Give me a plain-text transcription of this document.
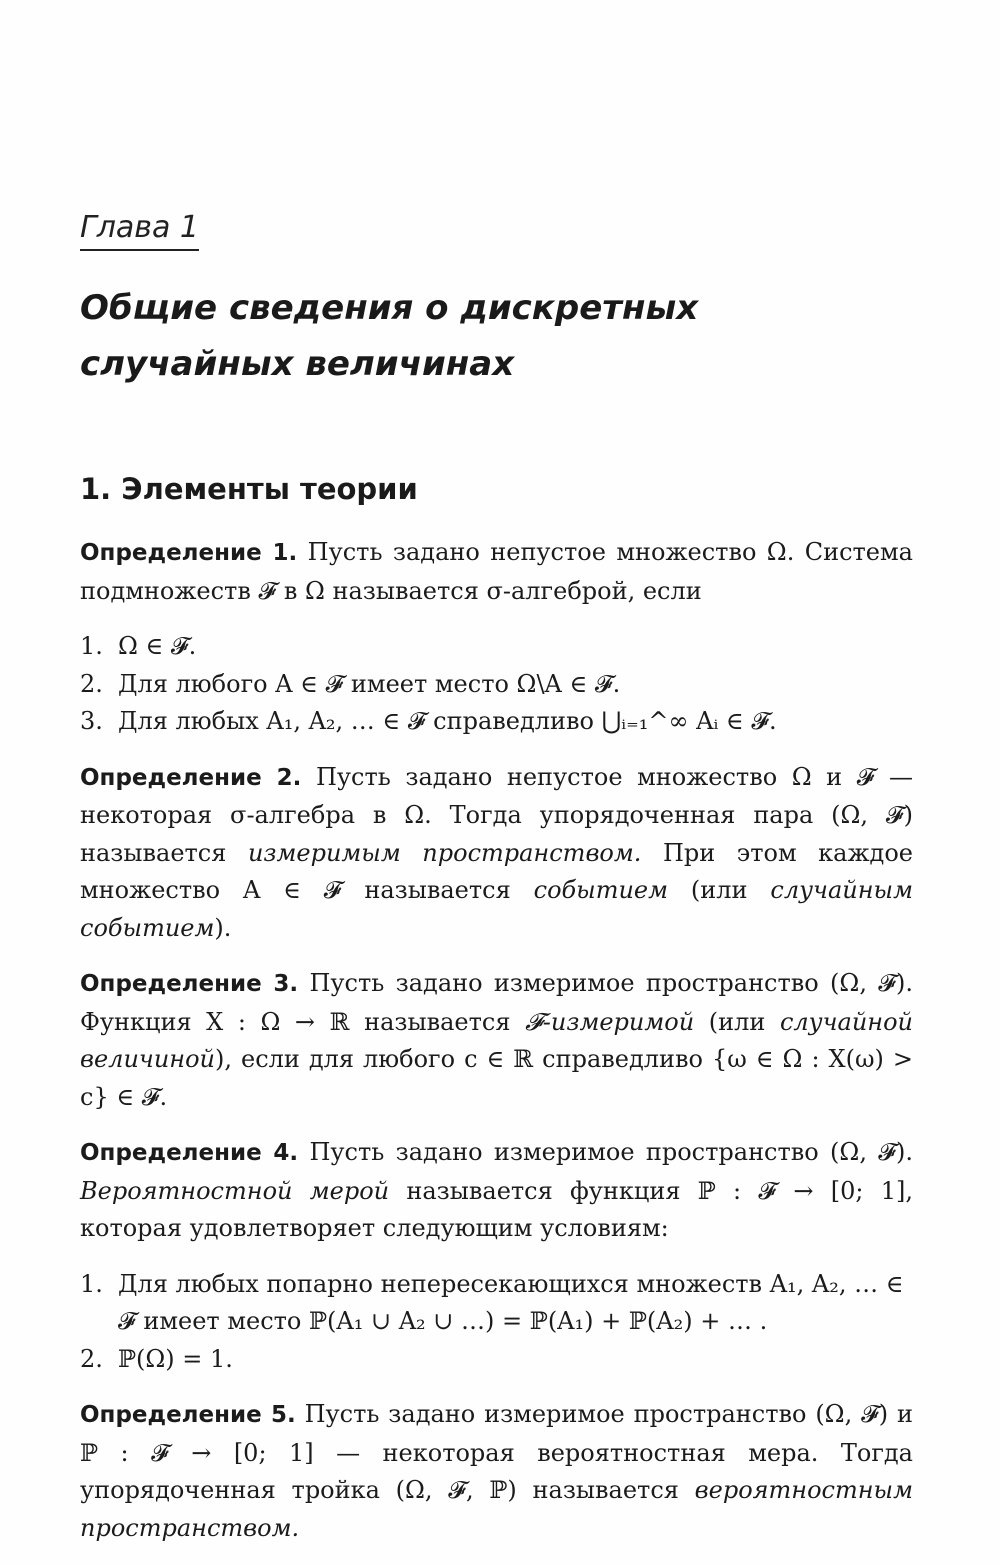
Глава 1
Общие сведения о дискретных
случайных величинах
1. Элементы теории

Определение 1. Пусть задано непустое множество Ω. Система подмножеств 𝓕 в Ω называется σ-алгеброй, если

1. Ω ∈ 𝓕.
2. Для любого A ∈ 𝓕 имеет место Ω\A ∈ 𝓕.
3. Для любых A₁, A₂, … ∈ 𝓕 справедливо ⋃ᵢ₌₁^∞ Aᵢ ∈ 𝓕.

Определение 2. Пусть задано непустое множество Ω и 𝓕 — некоторая σ-алгебра в Ω. Тогда упорядоченная пара (Ω, 𝓕) называется измеримым пространством. При этом каждое множество A ∈ 𝓕 называется событием (или случайным событием).

Определение 3. Пусть задано измеримое пространство (Ω, 𝓕). Функция X : Ω → ℝ называется 𝓕-измеримой (или случайной величиной), если для любого c ∈ ℝ справедливо {ω ∈ Ω : X(ω) > c} ∈ 𝓕.

Определение 4. Пусть задано измеримое пространство (Ω, 𝓕). Вероятностной мерой называется функция ℙ : 𝓕 → [0; 1], которая удовлетворяет следующим условиям:

1. Для любых попарно непересекающихся множеств A₁, A₂, … ∈ 𝓕 имеет место ℙ(A₁ ∪ A₂ ∪ …) = ℙ(A₁) + ℙ(A₂) + … .
2. ℙ(Ω) = 1.

Определение 5. Пусть задано измеримое пространство (Ω, 𝓕) и ℙ : 𝓕 → [0; 1] — некоторая вероятностная мера. Тогда упорядоченная тройка (Ω, 𝓕, ℙ) называется вероятностным пространством.
